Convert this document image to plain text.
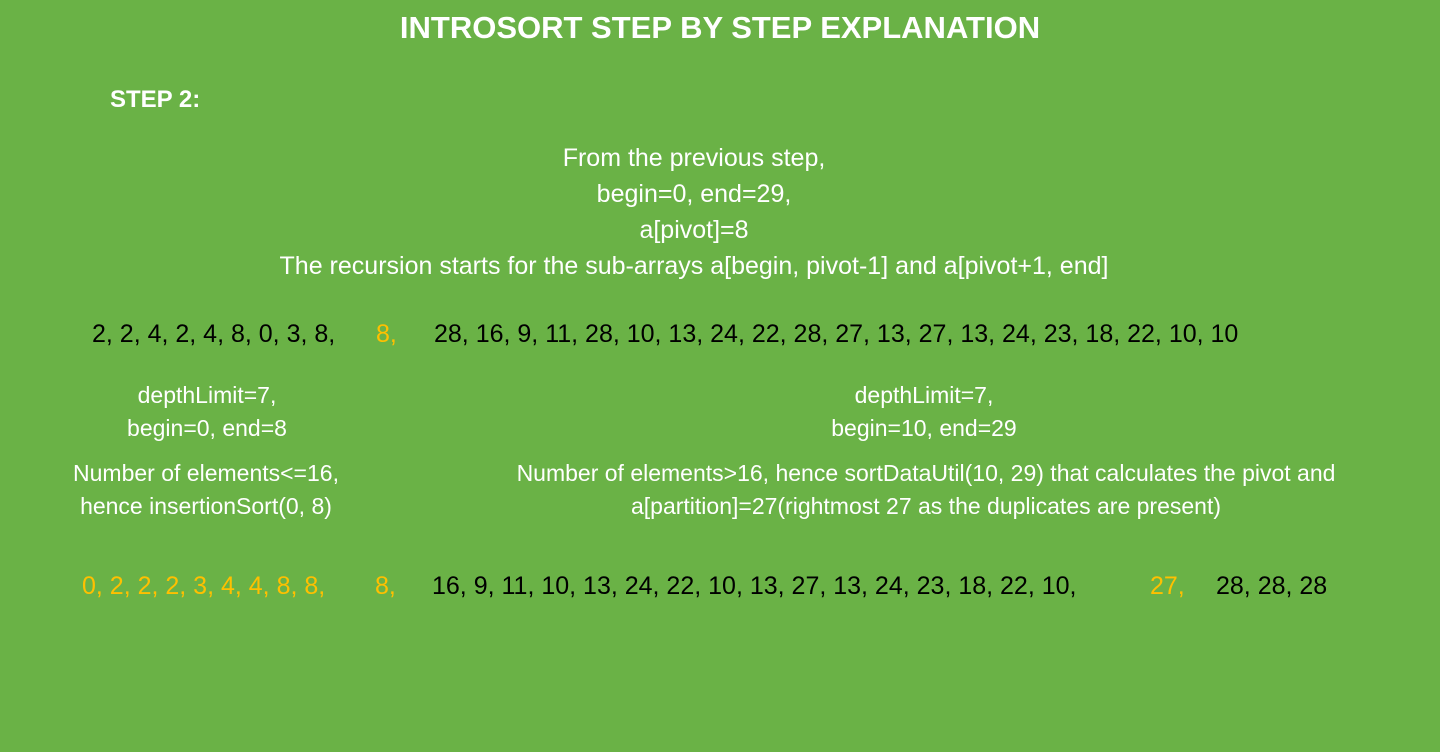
INTROSORT STEP BY STEP EXPLANATION
STEP 2:
From the previous step,
begin=0, end=29,
a[pivot]=8
The recursion starts for the sub-arrays a[begin, pivot-1] and a[pivot+1, end]
2, 2, 4, 2, 4, 8, 0, 3, 8, 8, 28, 16, 9, 11, 28, 10, 13, 24, 22, 28, 27, 13, 27, 13, 24, 23, 18, 22, 10, 10
depthLimit=7,
begin=0, end=8
Number of elements<=16,
hence insertionSort(0, 8)
depthLimit=7,
begin=10, end=29
Number of elements>16, hence sortDataUtil(10, 29) that calculates the pivot and
a[partition]=27(rightmost 27 as the duplicates are present)
0, 2, 2, 2, 3, 4, 4, 8, 8, 8, 16, 9, 11, 10, 13, 24, 22, 10, 13, 27, 13, 24, 23, 18, 22, 10,	27, 28, 28, 28
